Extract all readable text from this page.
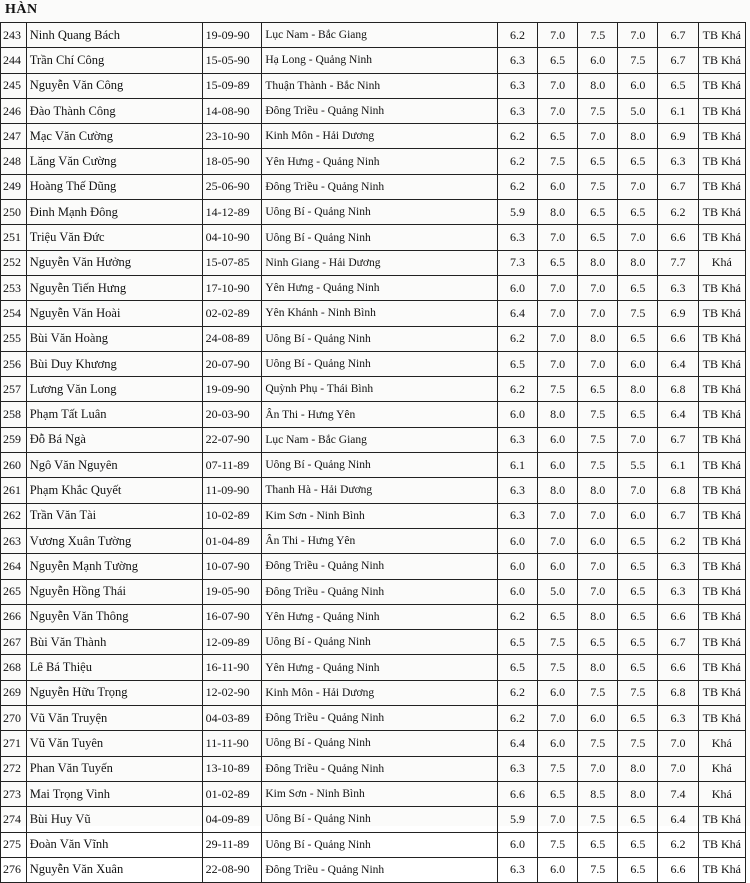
HÀN
243	Ninh Quang Bách	19-09-90	Lục Nam - Bắc Giang	6.2	7.0	7.5	7.0	6.7	TB Khá
244	Trần Chí Công	15-05-90	Hạ Long - Quảng Ninh	6.3	6.5	6.0	7.5	6.7	TB Khá
245	Nguyễn Văn Công	15-09-89	Thuận Thành - Bắc Ninh	6.3	7.0	8.0	6.0	6.5	TB Khá
246	Đào Thành Công	14-08-90	Đông Triều - Quảng Ninh	6.3	7.0	7.5	5.0	6.1	TB Khá
247	Mạc Văn Cường	23-10-90	Kinh Môn - Hải Dương	6.2	6.5	7.0	8.0	6.9	TB Khá
248	Lăng Văn Cường	18-05-90	Yên Hưng - Quảng Ninh	6.2	7.5	6.5	6.5	6.3	TB Khá
249	Hoàng Thế Dũng	25-06-90	Đông Triều - Quảng Ninh	6.2	6.0	7.5	7.0	6.7	TB Khá
250	Đinh Mạnh Đông	14-12-89	Uông Bí - Quảng Ninh	5.9	8.0	6.5	6.5	6.2	TB Khá
251	Triệu Văn Đức	04-10-90	Uông Bí - Quảng Ninh	6.3	7.0	6.5	7.0	6.6	TB Khá
252	Nguyễn Văn Hưởng	15-07-85	Ninh Giang - Hải Dương	7.3	6.5	8.0	8.0	7.7	Khá
253	Nguyễn Tiến Hưng	17-10-90	Yên Hưng - Quảng Ninh	6.0	7.0	7.0	6.5	6.3	TB Khá
254	Nguyễn Văn Hoài	02-02-89	Yên Khánh - Ninh Bình	6.4	7.0	7.0	7.5	6.9	TB Khá
255	Bùi Văn Hoàng	24-08-89	Uông Bí - Quảng Ninh	6.2	7.0	8.0	6.5	6.6	TB Khá
256	Bùi Duy Khương	20-07-90	Uông Bí - Quảng Ninh	6.5	7.0	7.0	6.0	6.4	TB Khá
257	Lương Văn Long	19-09-90	Quỳnh Phụ - Thái Bình	6.2	7.5	6.5	8.0	6.8	TB Khá
258	Phạm Tất Luân	20-03-90	Ân Thi - Hưng Yên	6.0	8.0	7.5	6.5	6.4	TB Khá
259	Đỗ Bá Ngà	22-07-90	Lục Nam - Bắc Giang	6.3	6.0	7.5	7.0	6.7	TB Khá
260	Ngô Văn Nguyên	07-11-89	Uông Bí - Quảng Ninh	6.1	6.0	7.5	5.5	6.1	TB Khá
261	Phạm Khắc Quyết	11-09-90	Thanh Hà - Hải Dương	6.3	8.0	8.0	7.0	6.8	TB Khá
262	Trần Văn Tài	10-02-89	Kim Sơn - Ninh Bình	6.3	7.0	7.0	6.0	6.7	TB Khá
263	Vương Xuân Tường	01-04-89	Ân Thi - Hưng Yên	6.0	7.0	6.0	6.5	6.2	TB Khá
264	Nguyễn Mạnh Tường	10-07-90	Đông Triều - Quảng Ninh	6.0	6.0	7.0	6.5	6.3	TB Khá
265	Nguyễn Hồng Thái	19-05-90	Đông Triều - Quảng Ninh	6.0	5.0	7.0	6.5	6.3	TB Khá
266	Nguyễn Văn Thông	16-07-90	Yên Hưng - Quảng Ninh	6.2	6.5	8.0	6.5	6.6	TB Khá
267	Bùi Văn Thành	12-09-89	Uông Bí - Quảng Ninh	6.5	7.5	6.5	6.5	6.7	TB Khá
268	Lê Bá Thiệu	16-11-90	Yên Hưng - Quảng Ninh	6.5	7.5	8.0	6.5	6.6	TB Khá
269	Nguyễn Hữu Trọng	12-02-90	Kinh Môn - Hải Dương	6.2	6.0	7.5	7.5	6.8	TB Khá
270	Vũ Văn Truyện	04-03-89	Đông Triều - Quảng Ninh	6.2	7.0	6.0	6.5	6.3	TB Khá
271	Vũ Văn Tuyên	11-11-90	Uông Bí - Quảng Ninh	6.4	6.0	7.5	7.5	7.0	Khá
272	Phan Văn Tuyến	13-10-89	Đông Triều - Quảng Ninh	6.3	7.5	7.0	8.0	7.0	Khá
273	Mai Trọng Vinh	01-02-89	Kim Sơn - Ninh Bình	6.6	6.5	8.5	8.0	7.4	Khá
274	Bùi Huy Vũ	04-09-89	Uông Bí - Quảng Ninh	5.9	7.0	7.5	6.5	6.4	TB Khá
275	Đoàn Văn Vĩnh	29-11-89	Uông Bí - Quảng Ninh	6.0	7.5	6.5	6.5	6.2	TB Khá
276	Nguyễn Văn Xuân	22-08-90	Đông Triều - Quảng Ninh	6.3	6.0	7.5	6.5	6.6	TB Khá
